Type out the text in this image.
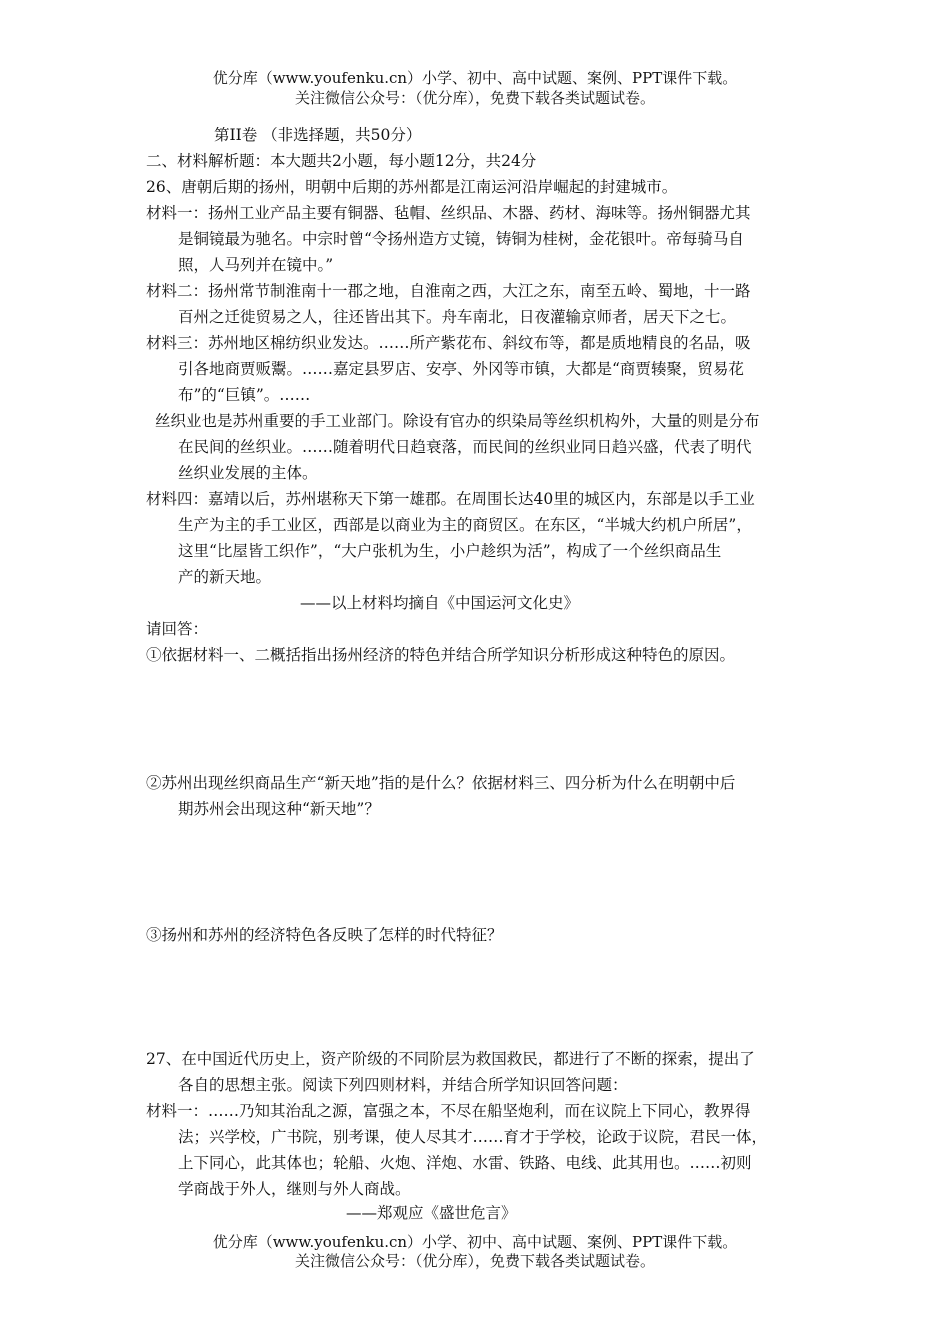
优分库（www.youfenku.cn）小学、初中、高中试题、案例、PPT课件下载。
关注微信公众号：（优分库），免费下载各类试题试卷。
第II卷 （非选择题，共50分）
二、材料解析题：本大题共2小题，每小题12分，共24分
26、唐朝后期的扬州，明朝中后期的苏州都是江南运河沿岸崛起的封建城市。
材料一：扬州工业产品主要有铜器、毡帽、丝织品、木器、药材、海味等。扬州铜器尤其
是铜镜最为驰名。中宗时曾“令扬州造方丈镜，铸铜为桂树，金花银叶。帝每骑马自
照，人马列并在镜中。”
材料二：扬州常节制淮南十一郡之地，自淮南之西，大江之东，南至五岭、蜀地，十一路
百州之迁徙贸易之人，往还皆出其下。舟车南北，日夜灌输京师者，居天下之七。
材料三：苏州地区棉纺织业发达。……所产紫花布、斜纹布等，都是质地精良的名品，吸
引各地商贾贩鬻。……嘉定县罗店、安亭、外冈等市镇，大都是“商贾辏聚，贸易花
布”的“巨镇”。……
丝织业也是苏州重要的手工业部门。除设有官办的织染局等丝织机构外，大量的则是分布
在民间的丝织业。……随着明代日趋衰落，而民间的丝织业同日趋兴盛，代表了明代
丝织业发展的主体。
材料四：嘉靖以后，苏州堪称天下第一雄郡。在周围长达40里的城区内，东部是以手工业
生产为主的手工业区，西部是以商业为主的商贸区。在东区，“半城大约机户所居”，
这里“比屋皆工织作”，“大户张机为生，小户趁织为活”，构成了一个丝织商品生
产的新天地。
——以上材料均摘自《中国运河文化史》
请回答：
①依据材料一、二概括指出扬州经济的特色并结合所学知识分析形成这种特色的原因。
②苏州出现丝织商品生产“新天地”指的是什么？依据材料三、四分析为什么在明朝中后
期苏州会出现这种“新天地”？
③扬州和苏州的经济特色各反映了怎样的时代特征？
27、在中国近代历史上，资产阶级的不同阶层为救国救民，都进行了不断的探索，提出了
各自的思想主张。阅读下列四则材料，并结合所学知识回答问题：
材料一：……乃知其治乱之源，富强之本，不尽在船坚炮利，而在议院上下同心，教界得
法；兴学校，广书院，别考课，使人尽其才……育才于学校，论政于议院，君民一体，
上下同心，此其体也；轮船、火炮、洋炮、水雷、铁路、电线、此其用也。……初则
学商战于外人，继则与外人商战。
——郑观应《盛世危言》
优分库（www.youfenku.cn）小学、初中、高中试题、案例、PPT课件下载。
关注微信公众号：（优分库），免费下载各类试题试卷。
